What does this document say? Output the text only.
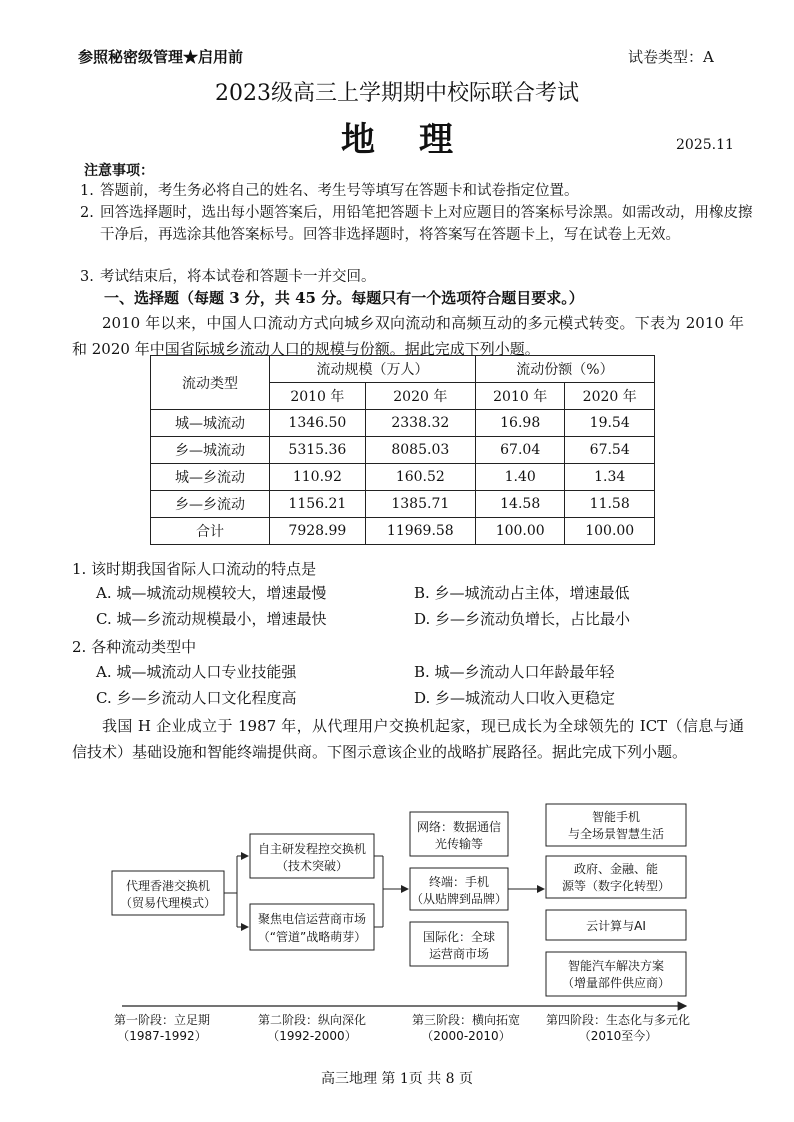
参照秘密级管理★启用前	试卷类型：A
2023级高三上学期期中校际联合考试
地理	2025.11
注意事项：
1. 答题前，考生务必将自己的姓名、考生号等填写在答题卡和试卷指定位置。
2. 回答选择题时，选出每小题答案后，用铅笔把答题卡上对应题目的答案标号涂黑。如需改动，用橡皮擦干净后，再选涂其他答案标号。回答非选择题时，将答案写在答题卡上，写在试卷上无效。
3. 考试结束后，将本试卷和答题卡一并交回。
一、选择题（每题 3 分，共 45 分。每题只有一个选项符合题目要求。）
2010 年以来，中国人口流动方式向城乡双向流动和高频互动的多元模式转变。下表为 2010 年和 2020 年中国省际城乡流动人口的规模与份额。据此完成下列小题。
流动类型	流动规模（万人）		流动份额（%）	
	2010 年	2020 年	2010 年	2020 年
城—城流动	1346.50	2338.32	16.98	19.54
乡—城流动	5315.36	8085.03	67.04	67.54
城—乡流动	110.92	160.52	1.40	1.34
乡—乡流动	1156.21	1385.71	14.58	11.58
合计	7928.99	11969.58	100.00	100.00
1. 该时期我国省际人口流动的特点是
A. 城—城流动规模较大，增速最慢	B. 乡—城流动占主体，增速最低
C. 城—乡流动规模最小，增速最快	D. 乡—乡流动负增长，占比最小
2. 各种流动类型中
A. 城—城流动人口专业技能强	B. 城—乡流动人口年龄最年轻
C. 乡—乡流动人口文化程度高	D. 乡—城流动人口收入更稳定
我国 H 企业成立于 1987 年，从代理用户交换机起家，现已成长为全球领先的 ICT（信息与通信技术）基础设施和智能终端提供商。下图示意该企业的战略扩展路径。据此完成下列小题。
代理香港交换机
（贸易代理模式）
自主研发程控交换机
（技术突破）
聚焦电信运营商市场
（“管道”战略萌芽）
网络：数据通信
光传输等
终端：手机
（从贴牌到品牌）
国际化：全球
运营商市场
智能手机
与全场景智慧生活
政府、金融、能
源等（数字化转型）
云计算与AI
智能汽车解决方案
（增量部件供应商）
第一阶段：立足期
（1987-1992）
第二阶段：纵向深化
（1992-2000）
第三阶段：横向拓宽
（2000-2010）
第四阶段：生态化与多元化
（2010至今）
高三地理 第 1页 共 8 页
